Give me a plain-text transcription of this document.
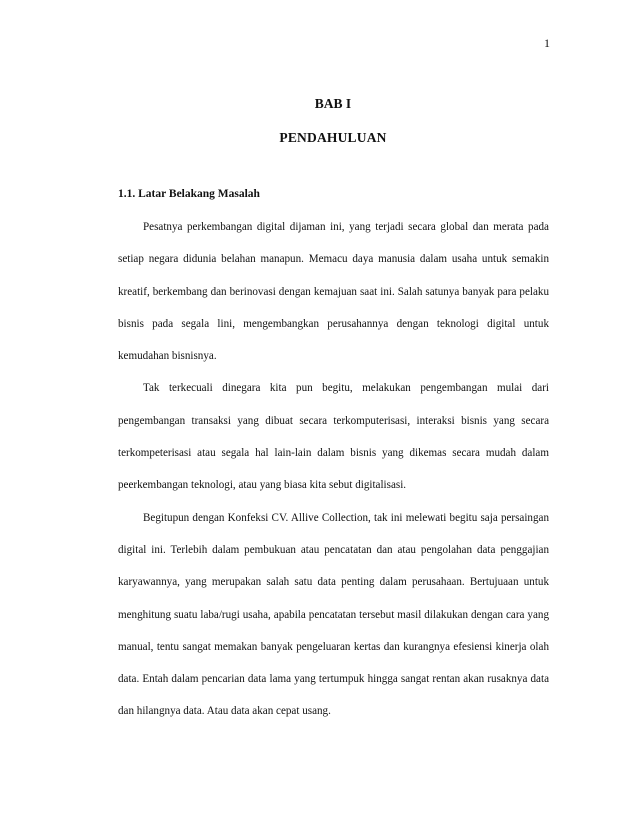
1
BAB I
PENDAHULUAN
1.1. Latar Belakang Masalah

Pesatnya perkembangan digital dijaman ini, yang terjadi secara global dan merata pada setiap negara didunia belahan manapun. Memacu daya manusia dalam usaha untuk semakin kreatif, berkembang dan berinovasi dengan kemajuan saat ini. Salah satunya banyak para pelaku bisnis pada segala lini, mengembangkan perusahannya dengan teknologi digital untuk kemudahan bisnisnya.

Tak terkecuali dinegara kita pun begitu, melakukan pengembangan mulai dari pengembangan transaksi yang dibuat secara terkomputerisasi, interaksi bisnis yang secara terkompeterisasi atau segala hal lain-lain dalam bisnis yang dikemas secara mudah dalam peerkembangan teknologi, atau yang biasa kita sebut digitalisasi.

Begitupun dengan Konfeksi CV. Allive Collection, tak ini melewati begitu saja persaingan digital ini. Terlebih dalam pembukuan atau pencatatan dan atau pengolahan data penggajian karyawannya, yang merupakan salah satu data penting dalam perusahaan. Bertujuaan untuk menghitung suatu laba/rugi usaha, apabila pencatatan tersebut masil dilakukan dengan cara yang manual, tentu sangat memakan banyak pengeluaran kertas dan kurangnya efesiensi kinerja olah data. Entah dalam pencarian data lama yang tertumpuk hingga sangat rentan akan rusaknya data dan hilangnya data. Atau data akan cepat usang.
